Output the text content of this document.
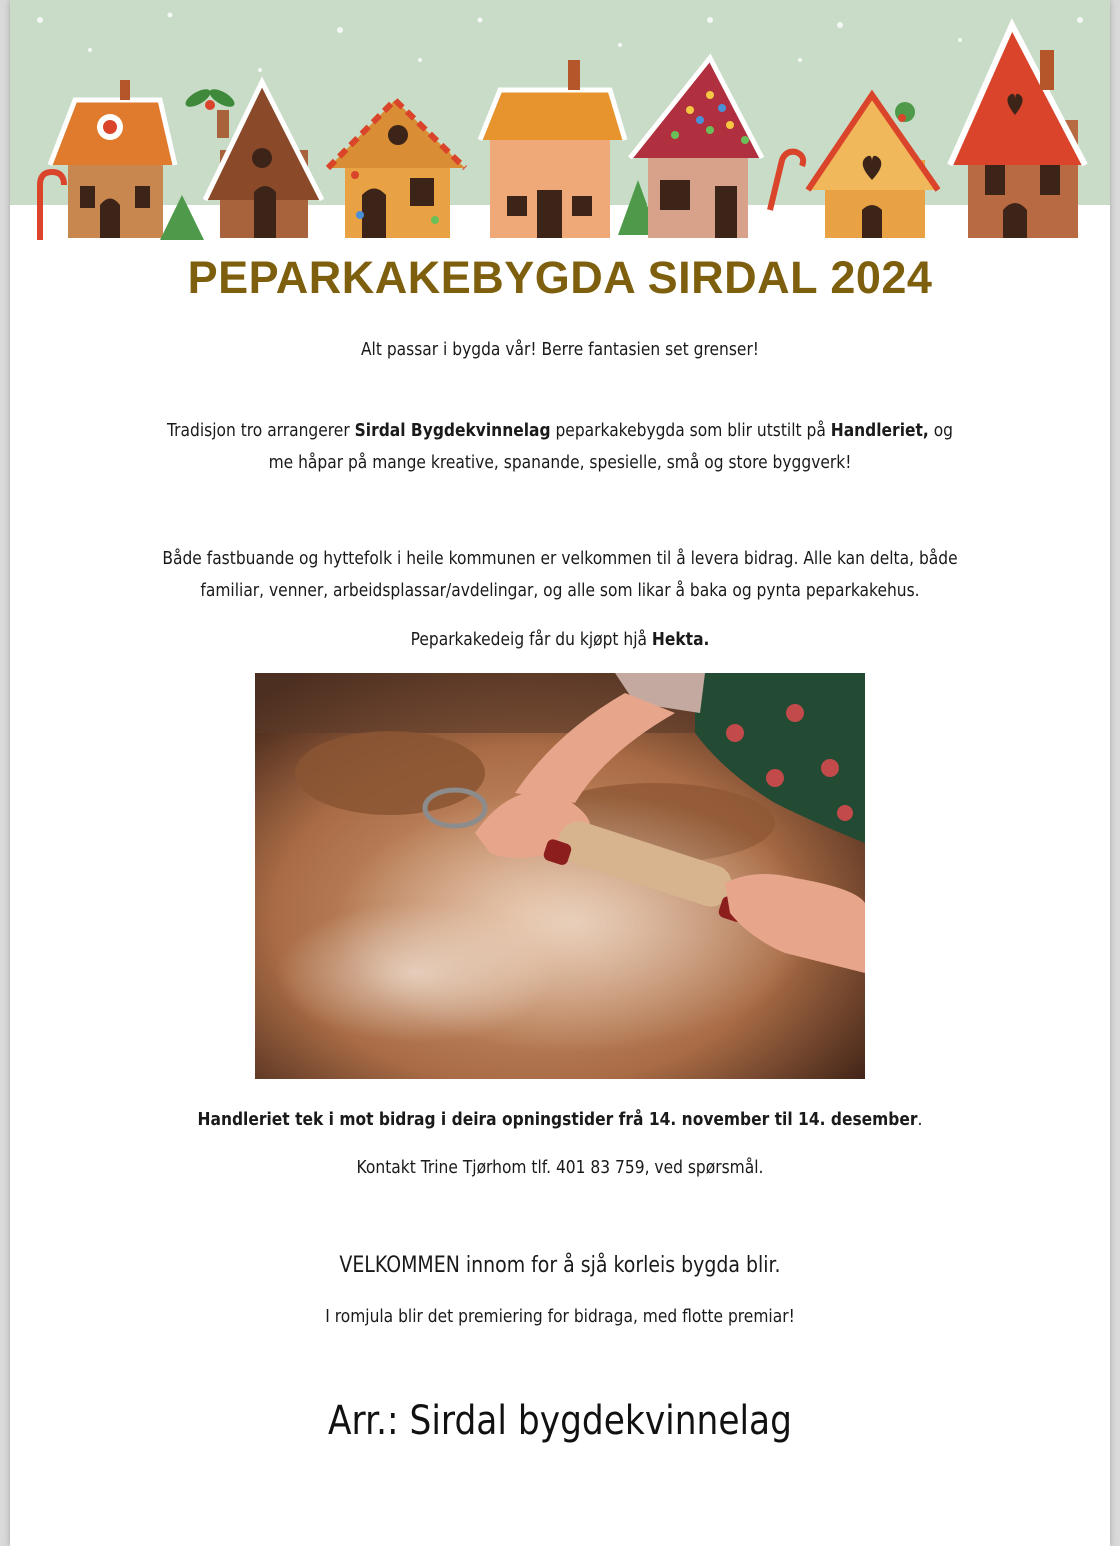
PEPARKAKEBYGDA SIRDAL 2024

Alt passar i bygda vår! Berre fantasien set grenser!

Tradisjon tro arrangerer Sirdal Bygdekvinnelag peparkakebygda som blir utstilt på Handleriet, og
me håpar på mange kreative, spanande, spesielle, små og store byggverk!

Både fastbuande og hyttefolk i heile kommunen er velkommen til å levera bidrag. Alle kan delta, både
familiar, venner, arbeidsplassar/avdelingar, og alle som likar å baka og pynta peparkakehus.

Peparkakedeig får du kjøpt hjå Hekta.

Handleriet tek i mot bidrag i deira opningstider frå 14. november til 14. desember.

Kontakt Trine Tjørhom tlf. 401 83 759, ved spørsmål.

VELKOMMEN innom for å sjå korleis bygda blir.

I romjula blir det premiering for bidraga, med flotte premiar!

Arr.: Sirdal bygdekvinnelag
